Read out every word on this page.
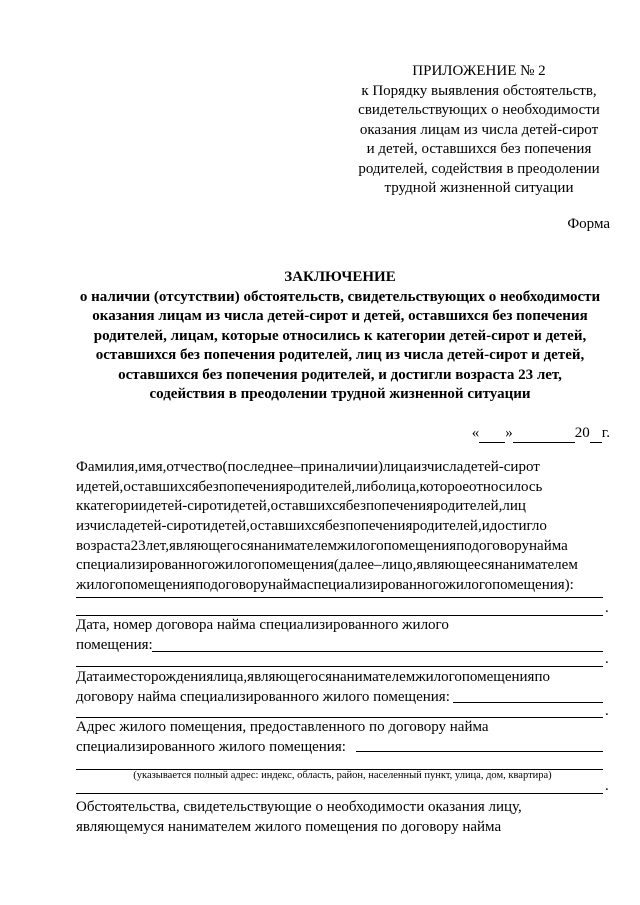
ПРИЛОЖЕНИЕ № 2
к Порядку выявления обстоятельств,
свидетельствующих о необходимости
оказания лицам из числа детей-сирот
и детей, оставшихся без попечения
родителей, содействия в преодолении
трудной жизненной ситуации
Форма
ЗАКЛЮЧЕНИЕ
о наличии (отсутствии) обстоятельств, свидетельствующих о необходимости
оказания лицам из числа детей-сирот и детей, оставшихся без попечения
родителей, лицам, которые относились к категории детей-сирот и детей,
оставшихся без попечения родителей, лиц из числа детей-сирот и детей,
оставшихся без попечения родителей, и достигли возраста 23 лет,
содействия в преодолении трудной жизненной ситуации
« »	20 г.
Фамилия,имя,отчество(последнее–приналичии)лицаизчисладетей-сирот
идетей,оставшихсябезпопеченияродителей,либолица,котороеотносилось
ккатегориидетей-сиротидетей,оставшихсябезпопеченияродителей,лиц
изчисладетей-сиротидетей,оставшихсябезпопеченияродителей,идостигло
возраста23лет,являющегосянанимателемжилогопомещенияподоговорунайма
специализированногожилогопомещения(далее–лицо,являющеесянанимателем
жилогопомещенияподоговорунаймаспециализированногожилогопомещения):
.
Дата, номер договора найма специализированного жилого
помещения:
.
Датаиместорождениялица,являющегосянанимателемжилогопомещенияпо
договору найма специализированного жилого помещения:
.
Адрес жилого помещения, предоставленного по договору найма
специализированного жилого помещения:
(указывается полный адрес: индекс, область, район, населенный пункт, улица, дом, квартира)
.
Обстоятельства, свидетельствующие о необходимости оказания лицу,
являющемуся нанимателем жилого помещения по договору найма
